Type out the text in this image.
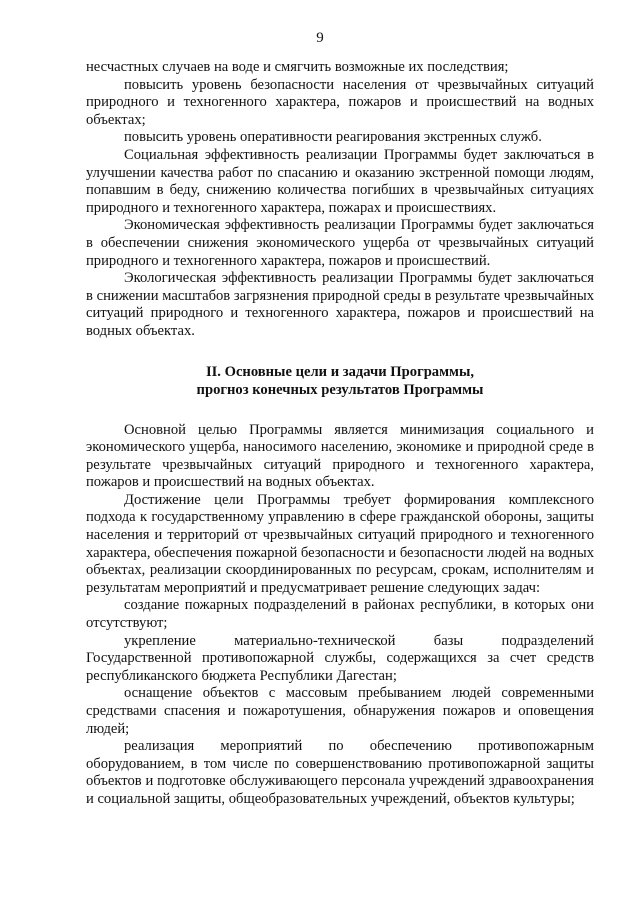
9

несчастных случаев на воде и смягчить возможные их последствия;

повысить уровень безопасности населения от чрезвычайных ситуаций природного и техногенного характера, пожаров и происшествий на водных объектах;

повысить уровень оперативности реагирования экстренных служб.

Социальная эффективность реализации Программы будет заключаться в улучшении качества работ по спасанию и оказанию экстренной помощи людям, попавшим в беду, снижению количества погибших в чрезвычайных ситуациях природного и техногенного характера, пожарах и происшествиях.

Экономическая эффективность реализации Программы будет заключаться в обеспечении снижения экономического ущерба от чрезвычайных ситуаций природного и техногенного характера, пожаров и происшествий.

Экологическая эффективность реализации Программы будет заключаться в снижении масштабов загрязнения природной среды в результате чрезвычайных ситуаций природного и техногенного характера, пожаров и происшествий на водных объектах.

II. Основные цели и задачи Программы,
прогноз конечных результатов Программы

Основной целью Программы является минимизация социального и экономического ущерба, наносимого населению, экономике и природной среде в результате чрезвычайных ситуаций природного и техногенного характера, пожаров и происшествий на водных объектах.

Достижение цели Программы требует формирования комплексного подхода к государственному управлению в сфере гражданской обороны, защиты населения и территорий от чрезвычайных ситуаций природного и техногенного характера, обеспечения пожарной безопасности и безопасности людей на водных объектах, реализации скоординированных по ресурсам, срокам, исполнителям и результатам мероприятий и предусматривает решение следующих задач:

создание пожарных подразделений в районах республики, в которых они отсутствуют;

укрепление материально-технической базы подразделений Государственной противопожарной службы, содержащихся за счет средств республиканского бюджета Республики Дагестан;

оснащение объектов с массовым пребыванием людей современными средствами спасения и пожаротушения, обнаружения пожаров и оповещения людей;

реализация мероприятий по обеспечению противопожарным оборудованием, в том числе по совершенствованию противопожарной защиты объектов и подготовке обслуживающего персонала учреждений здравоохранения и социальной защиты, общеобразовательных учреждений, объектов культуры;
